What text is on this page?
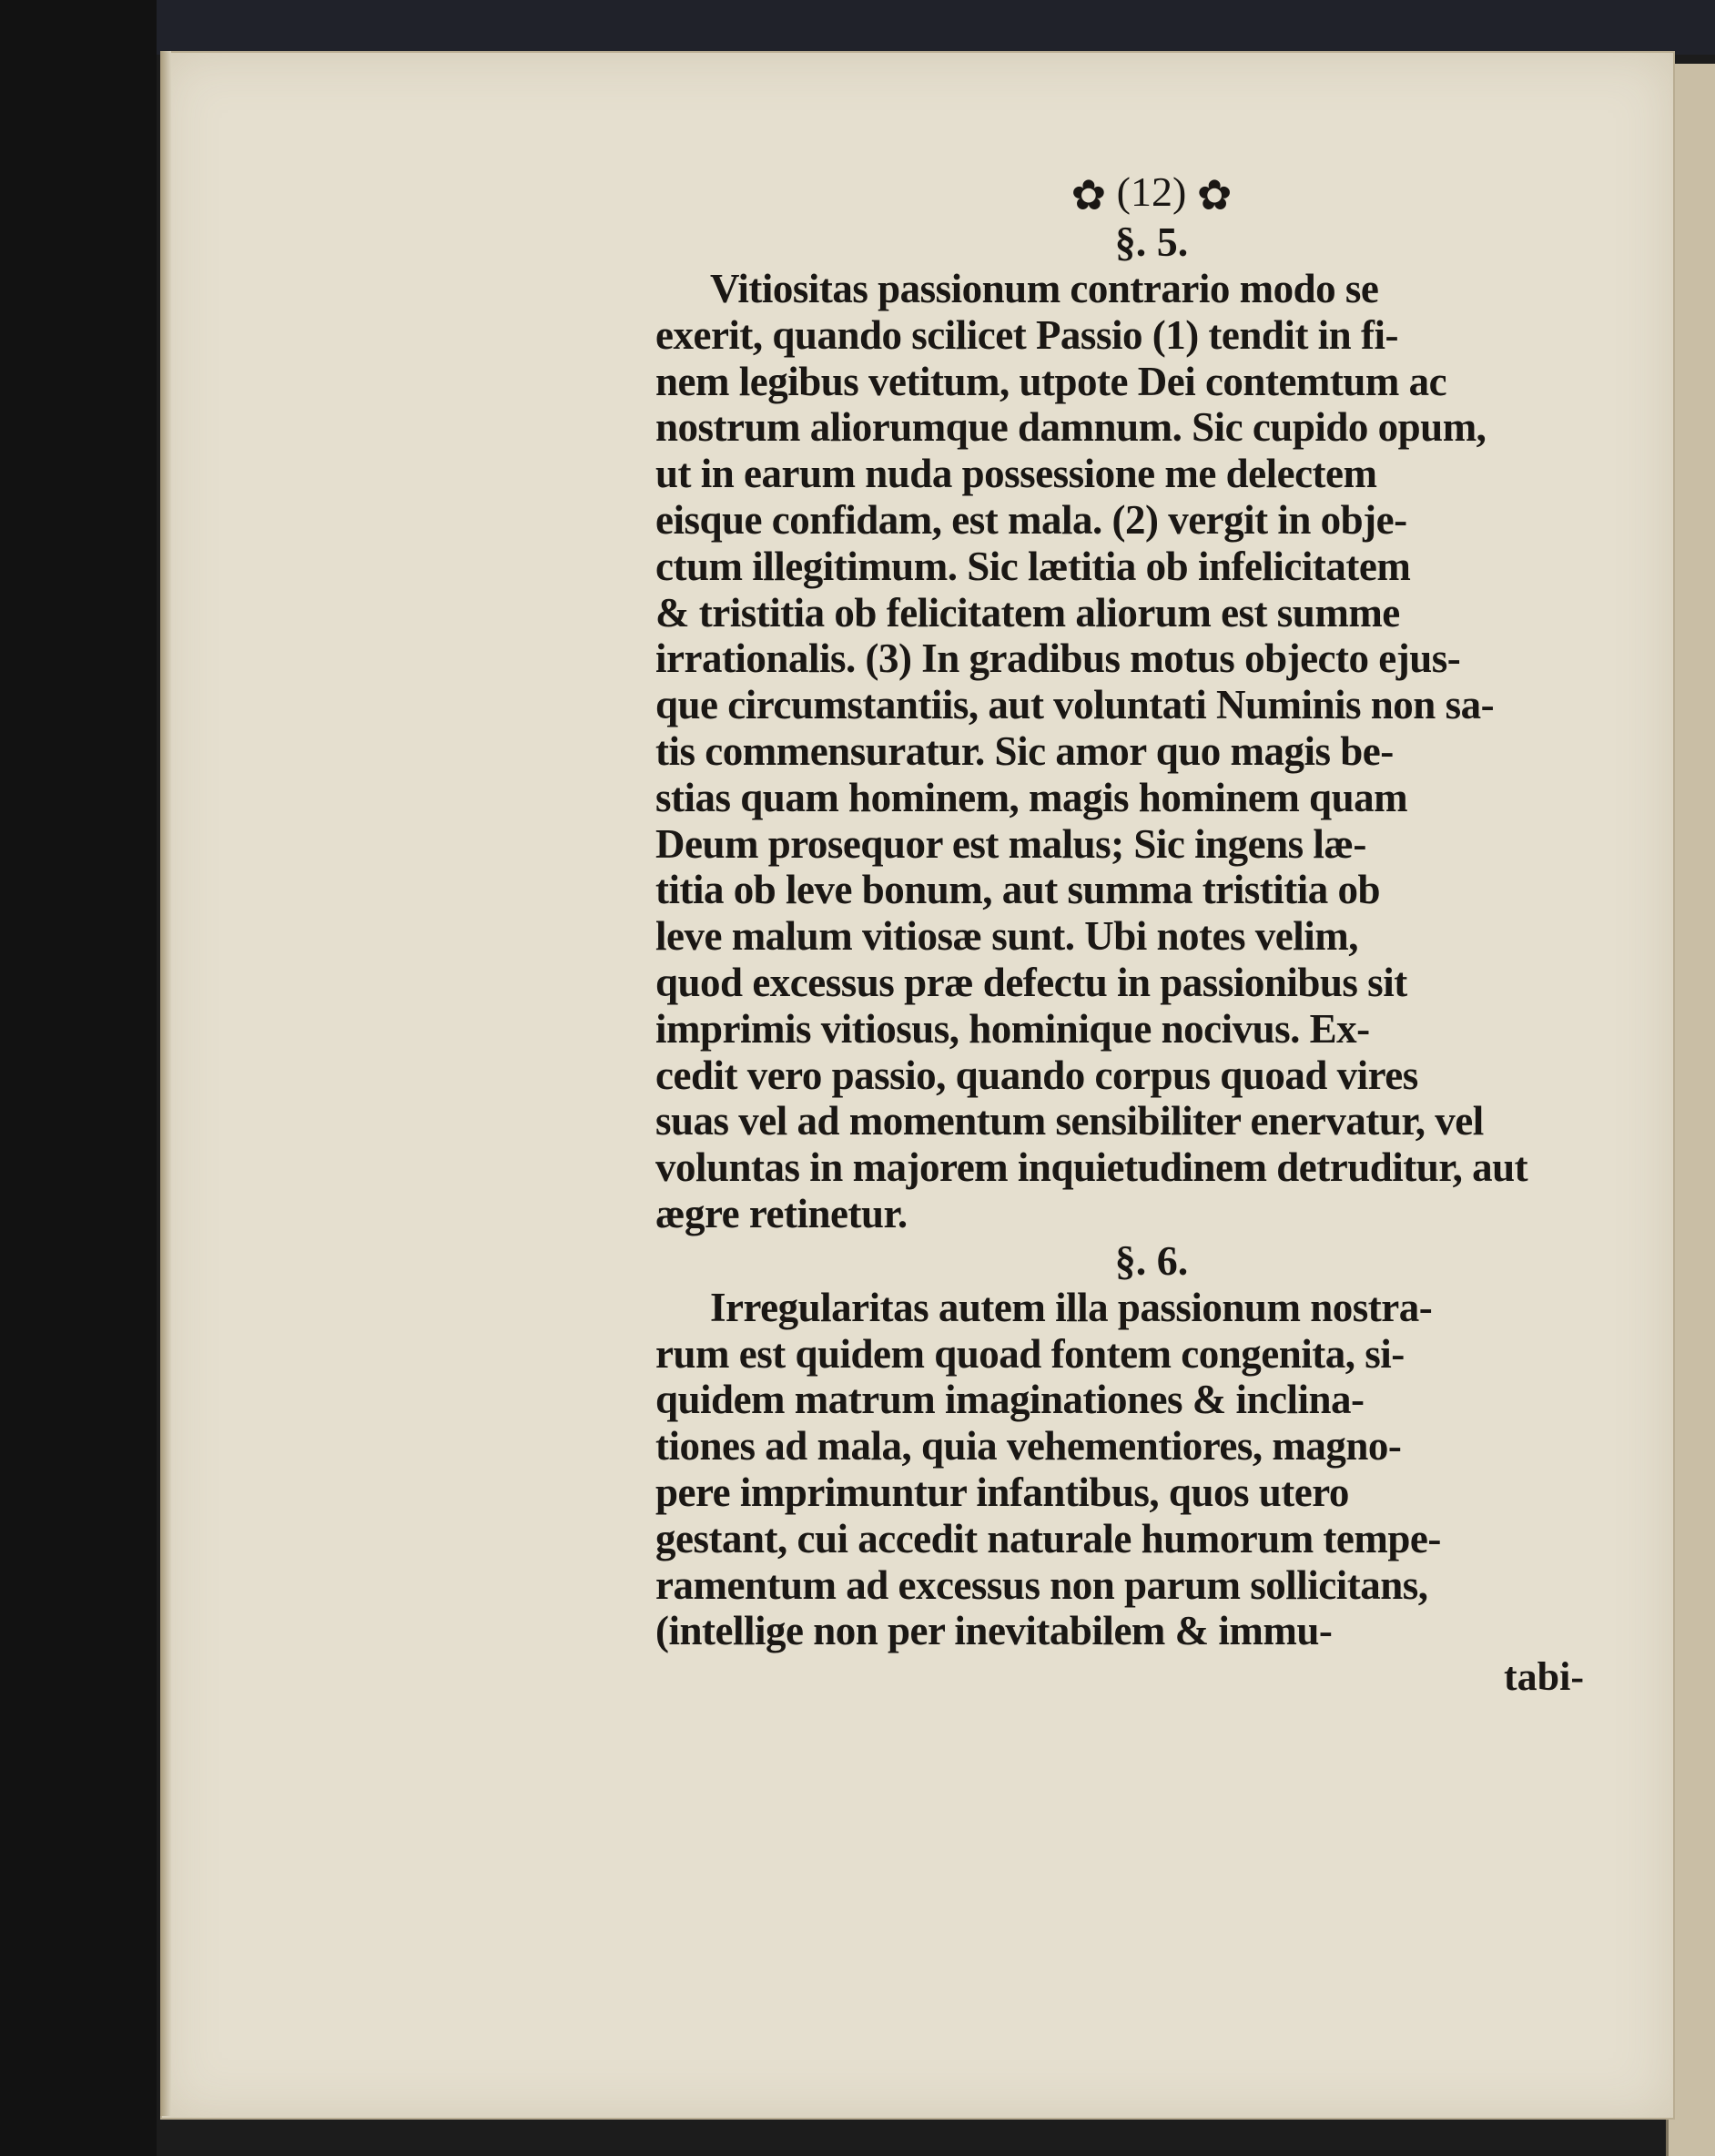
✿ (12) ✿
§. 5.
Vitiositas passionum contrario modo se
exerit, quando scilicet Passio (1) tendit in fi-
nem legibus vetitum, utpote Dei contemtum ac
nostrum aliorumque damnum. Sic cupido opum,
ut in earum nuda possessione me delectem
eisque confidam, est mala. (2) vergit in obje-
ctum illegitimum. Sic lætitia ob infelicitatem
& tristitia ob felicitatem aliorum est summe
irrationalis. (3) In gradibus motus objecto ejus-
que circumstantiis, aut voluntati Numinis non sa-
tis commensuratur. Sic amor quo magis be-
stias quam hominem, magis hominem quam
Deum prosequor est malus; Sic ingens læ-
titia ob leve bonum, aut summa tristitia ob
leve malum vitiosæ sunt. Ubi notes velim,
quod excessus præ defectu in passionibus sit
imprimis vitiosus, hominique nocivus. Ex-
cedit vero passio, quando corpus quoad vires
suas vel ad momentum sensibiliter enervatur, vel
voluntas in majorem inquietudinem detruditur, aut
ægre retinetur.
§. 6.
Irregularitas autem illa passionum nostra-
rum est quidem quoad fontem congenita, si-
quidem matrum imaginationes & inclina-
tiones ad mala, quia vehementiores, magno-
pere imprimuntur infantibus, quos utero
gestant, cui accedit naturale humorum tempe-
ramentum ad excessus non parum sollicitans,
(intellige non per inevitabilem & immu-
tabi-
